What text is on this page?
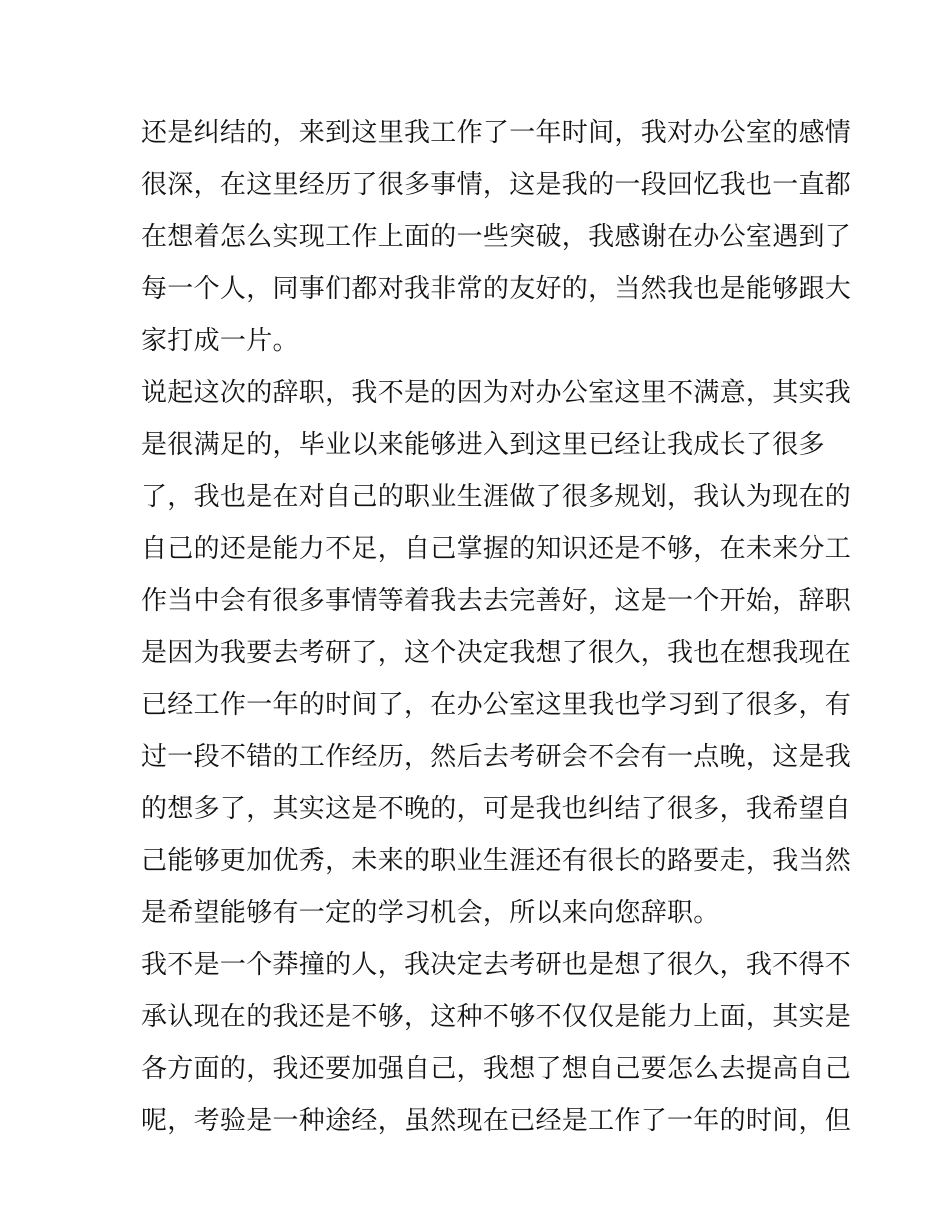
还是纠结的，来到这里我工作了一年时间，我对办公室的感情
很深，在这里经历了很多事情，这是我的一段回忆我也一直都
在想着怎么实现工作上面的一些突破，我感谢在办公室遇到了
每一个人，同事们都对我非常的友好的，当然我也是能够跟大
家打成一片。
说起这次的辞职，我不是的因为对办公室这里不满意，其实我
是很满足的，毕业以来能够进入到这里已经让我成长了很多
了，我也是在对自己的职业生涯做了很多规划，我认为现在的
自己的还是能力不足，自己掌握的知识还是不够，在未来分工
作当中会有很多事情等着我去去完善好，这是一个开始，辞职
是因为我要去考研了，这个决定我想了很久，我也在想我现在
已经工作一年的时间了，在办公室这里我也学习到了很多，有
过一段不错的工作经历，然后去考研会不会有一点晚，这是我
的想多了，其实这是不晚的，可是我也纠结了很多，我希望自
己能够更加优秀，未来的职业生涯还有很长的路要走，我当然
是希望能够有一定的学习机会，所以来向您辞职。
我不是一个莽撞的人，我决定去考研也是想了很久，我不得不
承认现在的我还是不够，这种不够不仅仅是能力上面，其实是
各方面的，我还要加强自己，我想了想自己要怎么去提高自己
呢，考验是一种途经，虽然现在已经是工作了一年的时间，但
